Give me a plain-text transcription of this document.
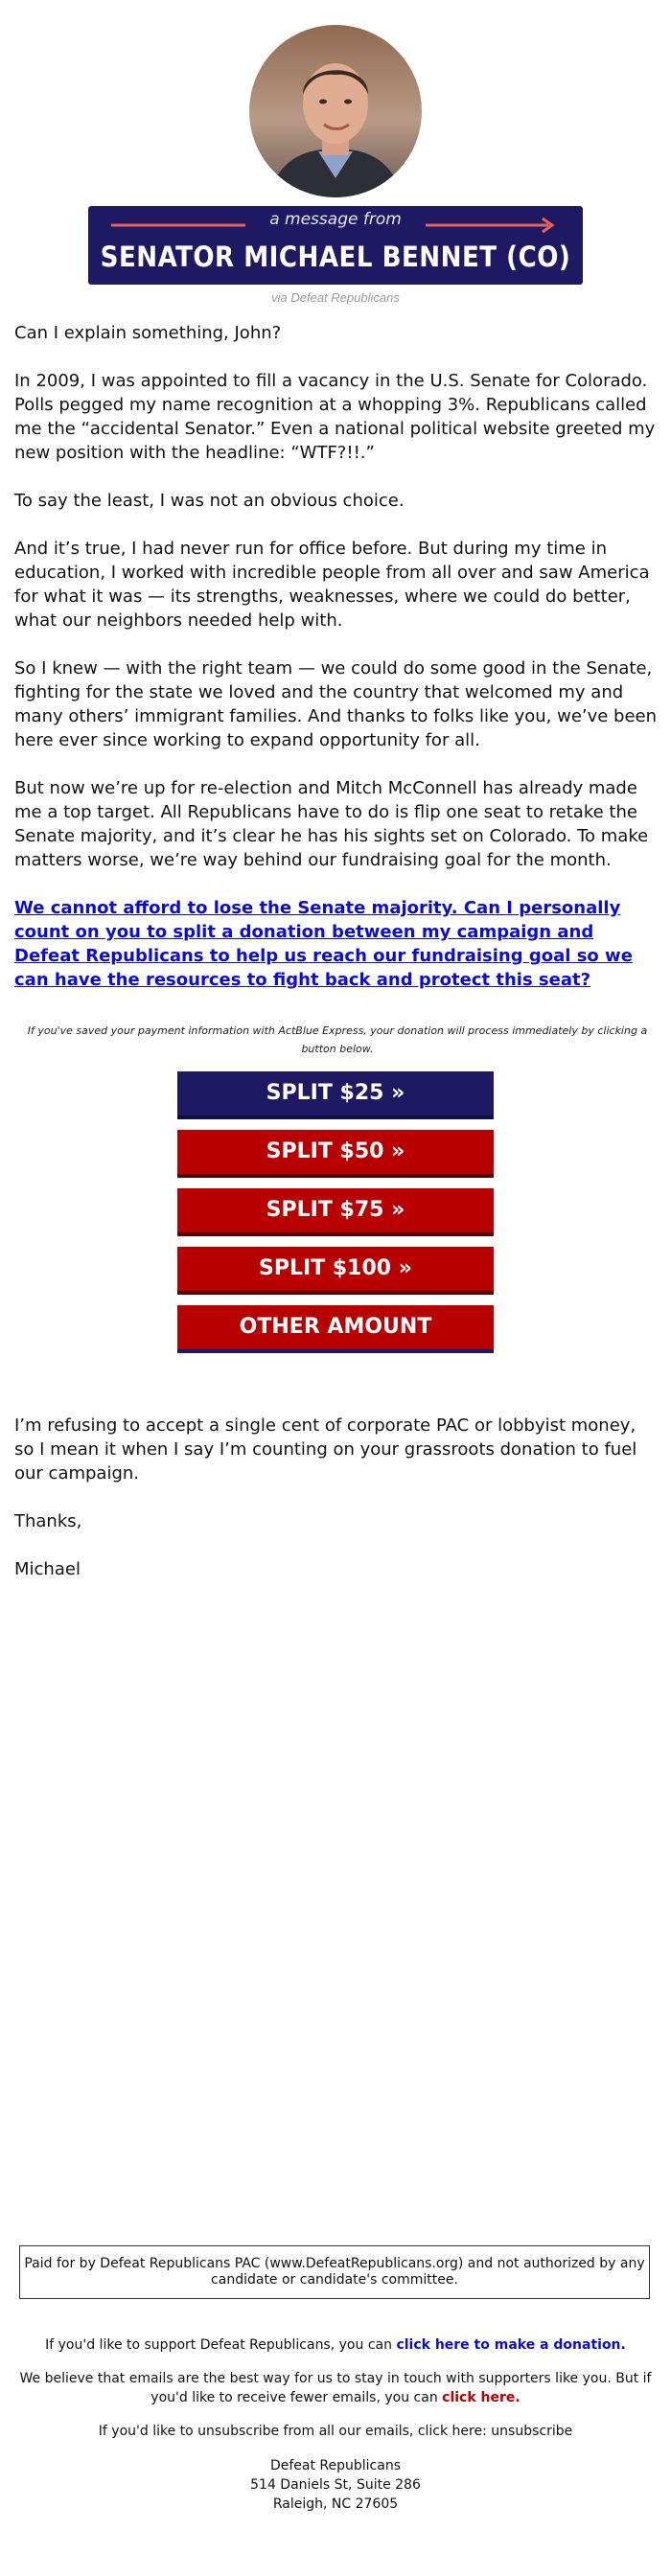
a message from
SENATOR MICHAEL BENNET (CO)
via Defeat Republicans

Can I explain something, John?

In 2009, I was appointed to fill a vacancy in the U.S. Senate for Colorado. Polls pegged my name recognition at a whopping 3%. Republicans called me the “accidental Senator.” Even a national political website greeted my new position with the headline: “WTF?!!.”

To say the least, I was not an obvious choice.

And it’s true, I had never run for office before. But during my time in education, I worked with incredible people from all over and saw America for what it was — its strengths, weaknesses, where we could do better, what our neighbors needed help with.

So I knew — with the right team — we could do some good in the Senate, fighting for the state we loved and the country that welcomed my and many others’ immigrant families. And thanks to folks like you, we’ve been here ever since working to expand opportunity for all.

But now we’re up for re-election and Mitch McConnell has already made me a top target. All Republicans have to do is flip one seat to retake the Senate majority, and it’s clear he has his sights set on Colorado. To make matters worse, we’re way behind our fundraising goal for the month.

We cannot afford to lose the Senate majority. Can I personally count on you to split a donation between my campaign and Defeat Republicans to help us reach our fundraising goal so we can have the resources to fight back and protect this seat?

If you've saved your payment information with ActBlue Express, your donation will process immediately by clicking a button below.
SPLIT $25 »
SPLIT $50 »
SPLIT $75 »
SPLIT $100 »
OTHER AMOUNT

I’m refusing to accept a single cent of corporate PAC or lobbyist money, so I mean it when I say I’m counting on your grassroots donation to fuel our campaign.

Thanks,

Michael

Paid for by Defeat Republicans PAC (www.DefeatRepublicans.org) and not authorized by any candidate or candidate's committee.
If you'd like to support Defeat Republicans, you can click here to make a donation.
We believe that emails are the best way for us to stay in touch with supporters like you. But if you'd like to receive fewer emails, you can click here.
If you'd like to unsubscribe from all our emails, click here: unsubscribe
Defeat Republicans
514 Daniels St, Suite 286
Raleigh, NC 27605
